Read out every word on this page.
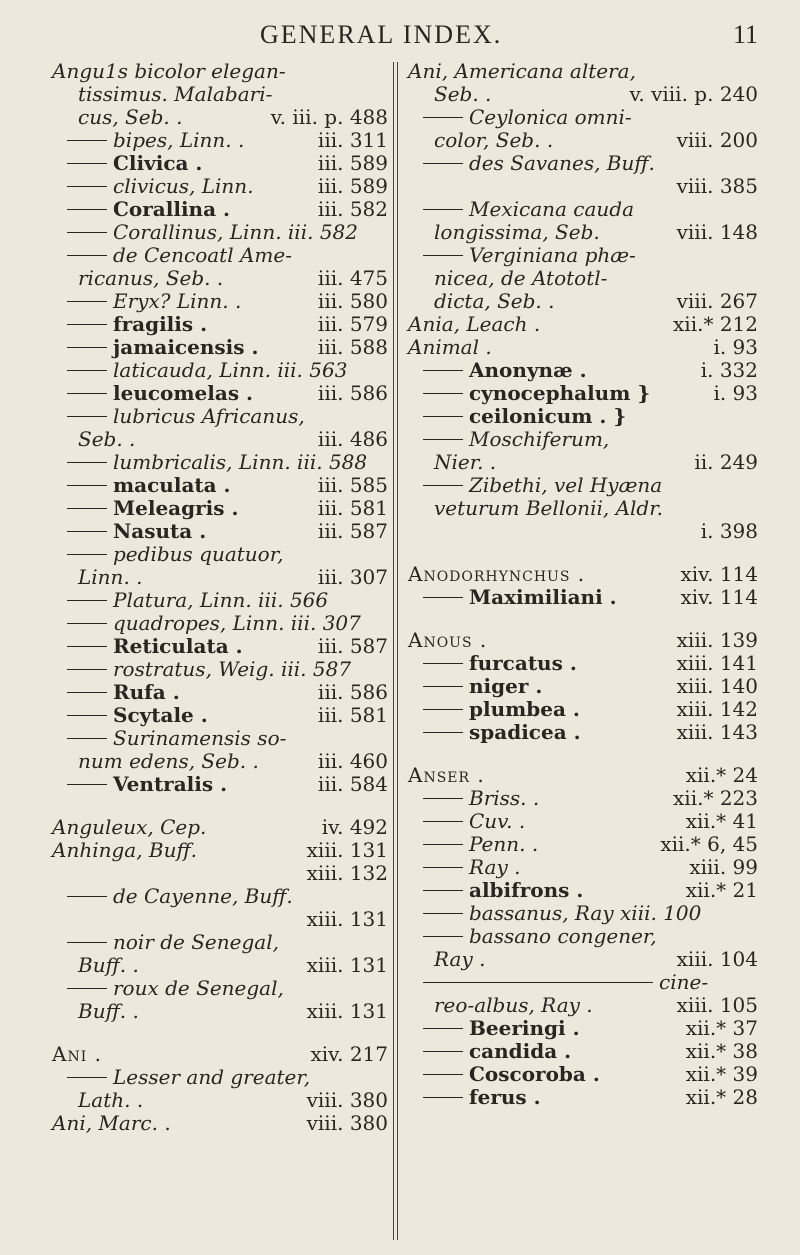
GENERAL INDEX.	11
Angu1s bicolor elegan-
tissimus. Malabari-
cus, Seb. .	v. iii. p. 488
bipes, Linn. .	iii. 311
Clivica .	iii. 589
clivicus, Linn.	iii. 589
Corallina .	iii. 582
Corallinus, Linn. iii. 582
de Cencoatl Ame-
ricanus, Seb. .	iii. 475
Eryx? Linn. .	iii. 580
fragilis .	iii. 579
jamaicensis .	iii. 588
laticauda, Linn. iii. 563
leucomelas .	iii. 586
lubricus Africanus,
Seb. .	iii. 486
lumbricalis, Linn. iii. 588
maculata .	iii. 585
Meleagris .	iii. 581
Nasuta .	iii. 587
pedibus quatuor,
Linn. .	iii. 307
Platura, Linn. iii. 566
quadropes, Linn. iii. 307
Reticulata .	iii. 587
rostratus, Weig. iii. 587
Rufa .	iii. 586
Scytale .	iii. 581
Surinamensis so-
num edens, Seb. .	iii. 460
Ventralis .	iii. 584
Anguleux, Cep.	iv. 492
Anhinga, Buff.	xiii. 131
xiii. 132
de Cayenne, Buff.
xiii. 131
noir de Senegal,
Buff. .	xiii. 131
roux de Senegal,
Buff. .	xiii. 131
Ani .	xiv. 217
Lesser and greater,
Lath. .	viii. 380
Ani, Marc. .	viii. 380
Ani, Americana altera,
Seb. .	v. viii. p. 240
Ceylonica omni-
color, Seb. .	viii. 200
des Savanes, Buff.
viii. 385
Mexicana cauda
longissima, Seb.	viii. 148
Verginiana phæ-
nicea, de Atototl-
dicta, Seb. .	viii. 267
Ania, Leach .	xii.* 212
Animal .	i. 93
Anonynæ .	i. 332
cynocephalum }	i. 93
ceilonicum . }
Moschiferum,
Nier. .	ii. 249
Zibethi, vel Hyæna
veturum Bellonii, Aldr.
i. 398
Anodorhynchus .	xiv. 114
Maximiliani .	xiv. 114
Anous .	xiii. 139
furcatus .	xiii. 141
niger .	xiii. 140
plumbea .	xiii. 142
spadicea .	xiii. 143
Anser .	xii.* 24
Briss. .	xii.* 223
Cuv. .	xii.* 41
Penn. .	xii.* 6, 45
Ray .	xiii. 99
albifrons .	xii.* 21
bassanus, Ray xiii. 100
bassano congener,
Ray .	xiii. 104
cine-
reo-albus, Ray .	xiii. 105
Beeringi .	xii.* 37
candida .	xii.* 38
Coscoroba .	xii.* 39
ferus .	xii.* 28
